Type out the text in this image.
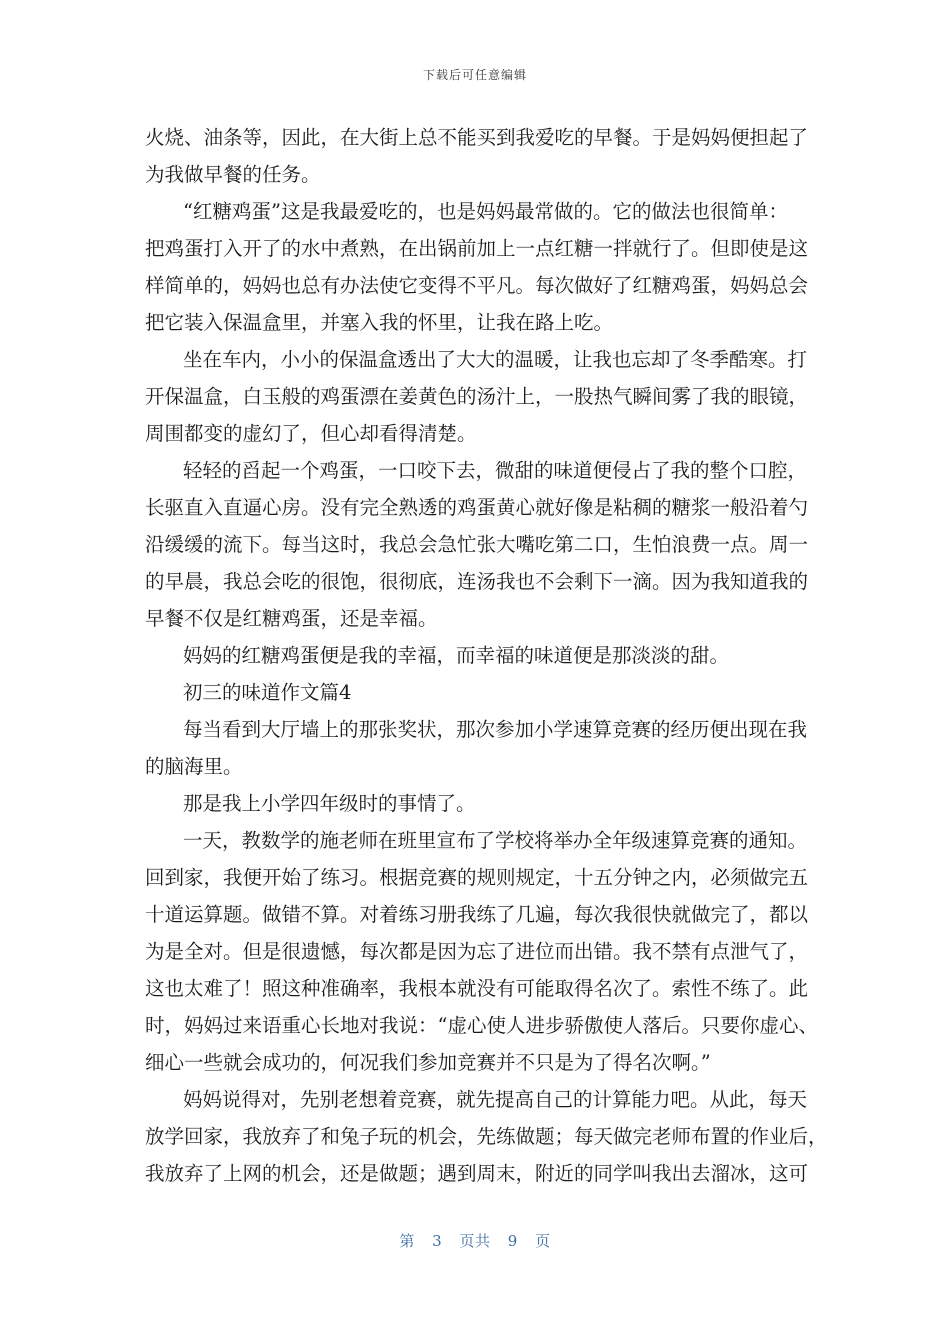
下载后可任意编辑
火烧、油条等，因此，在大街上总不能买到我爱吃的早餐。于是妈妈便担起了
为我做早餐的任务。
“红糖鸡蛋”这是我最爱吃的，也是妈妈最常做的。它的做法也很简单：
把鸡蛋打入开了的水中煮熟，在出锅前加上一点红糖一拌就行了。但即使是这
样简单的，妈妈也总有办法使它变得不平凡。每次做好了红糖鸡蛋，妈妈总会
把它装入保温盒里，并塞入我的怀里，让我在路上吃。
坐在车内，小小的保温盒透出了大大的温暖，让我也忘却了冬季酷寒。打
开保温盒，白玉般的鸡蛋漂在姜黄色的汤汁上，一股热气瞬间雾了我的眼镜，
周围都变的虚幻了，但心却看得清楚。
轻轻的舀起一个鸡蛋，一口咬下去，微甜的味道便侵占了我的整个口腔，
长驱直入直逼心房。没有完全熟透的鸡蛋黄心就好像是粘稠的糖浆一般沿着勺
沿缓缓的流下。每当这时，我总会急忙张大嘴吃第二口，生怕浪费一点。周一
的早晨，我总会吃的很饱，很彻底，连汤我也不会剩下一滴。因为我知道我的
早餐不仅是红糖鸡蛋，还是幸福。
妈妈的红糖鸡蛋便是我的幸福，而幸福的味道便是那淡淡的甜。
初三的味道作文篇4
每当看到大厅墙上的那张奖状，那次参加小学速算竞赛的经历便出现在我
的脑海里。
那是我上小学四年级时的事情了。
一天，教数学的施老师在班里宣布了学校将举办全年级速算竞赛的通知。
回到家，我便开始了练习。根据竞赛的规则规定，十五分钟之内，必须做完五
十道运算题。做错不算。对着练习册我练了几遍，每次我很快就做完了，都以
为是全对。但是很遗憾，每次都是因为忘了进位而出错。我不禁有点泄气了，
这也太难了！照这种准确率，我根本就没有可能取得名次了。索性不练了。此
时，妈妈过来语重心长地对我说：“虚心使人进步骄傲使人落后。只要你虚心、
细心一些就会成功的，何况我们参加竞赛并不只是为了得名次啊。”
妈妈说得对，先别老想着竞赛，就先提高自己的计算能力吧。从此，每天
放学回家，我放弃了和兔子玩的机会，先练做题；每天做完老师布置的作业后，
我放弃了上网的机会，还是做题；遇到周末，附近的同学叫我出去溜冰，这可
第 3 页共 9 页
